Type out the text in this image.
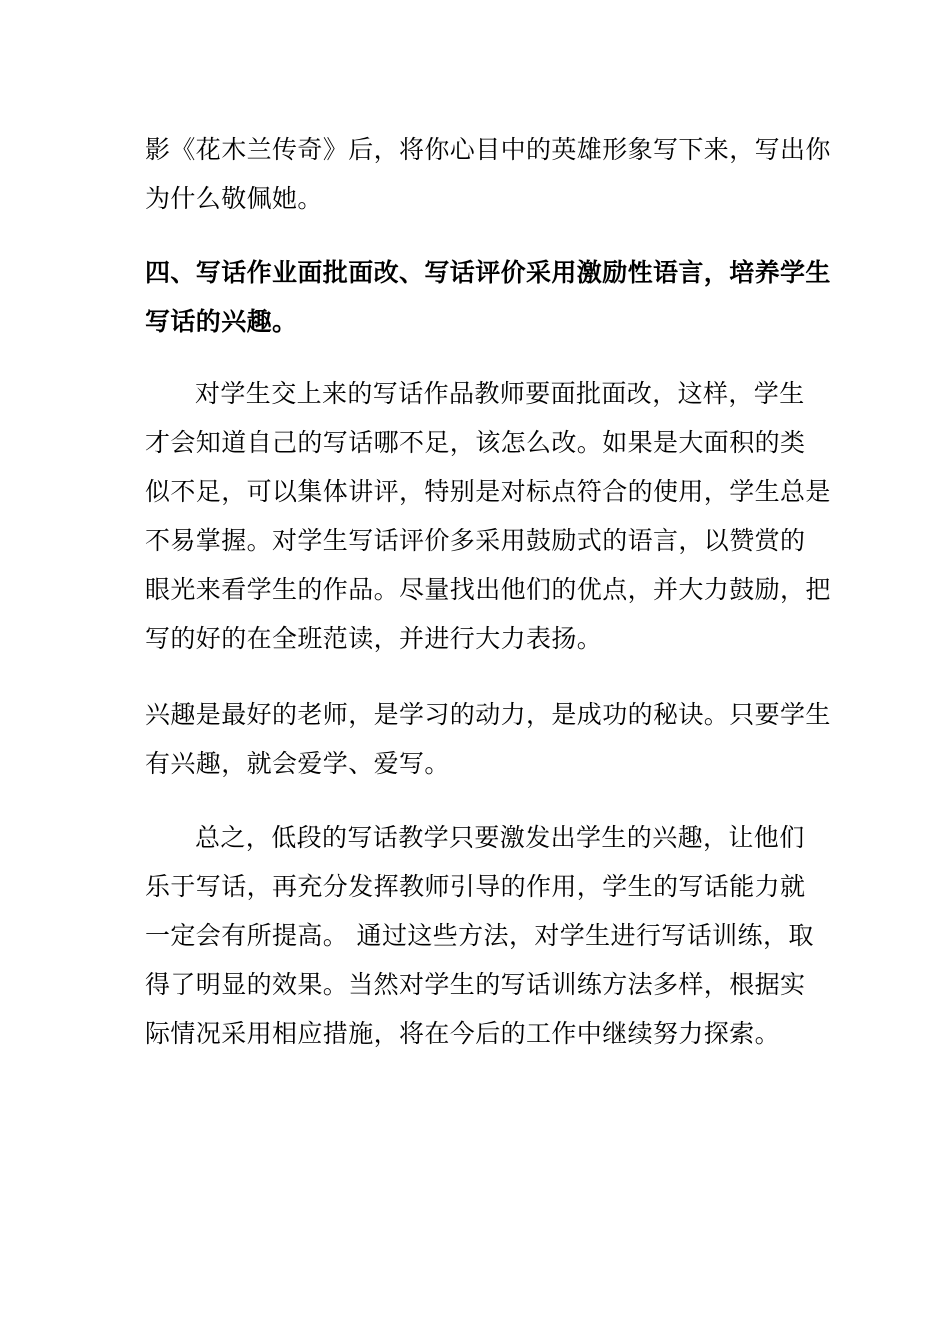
影《花木兰传奇》后，将你心目中的英雄形象写下来，写出你
为什么敬佩她。

四、写话作业面批面改、写话评价采用激励性语言，培养学生
写话的兴趣。

对学生交上来的写话作品教师要面批面改，这样，学生
才会知道自己的写话哪不足，该怎么改。如果是大面积的类
似不足，可以集体讲评，特别是对标点符合的使用，学生总是
不易掌握。对学生写话评价多采用鼓励式的语言，以赞赏的
眼光来看学生的作品。尽量找出他们的优点，并大力鼓励，把
写的好的在全班范读，并进行大力表扬。

兴趣是最好的老师，是学习的动力，是成功的秘诀。只要学生
有兴趣，就会爱学、爱写。

总之，低段的写话教学只要激发出学生的兴趣，让他们
乐于写话，再充分发挥教师引导的作用，学生的写话能力就
一定会有所提高。 通过这些方法，对学生进行写话训练，取
得了明显的效果。当然对学生的写话训练方法多样，根据实
际情况采用相应措施，将在今后的工作中继续努力探索。
